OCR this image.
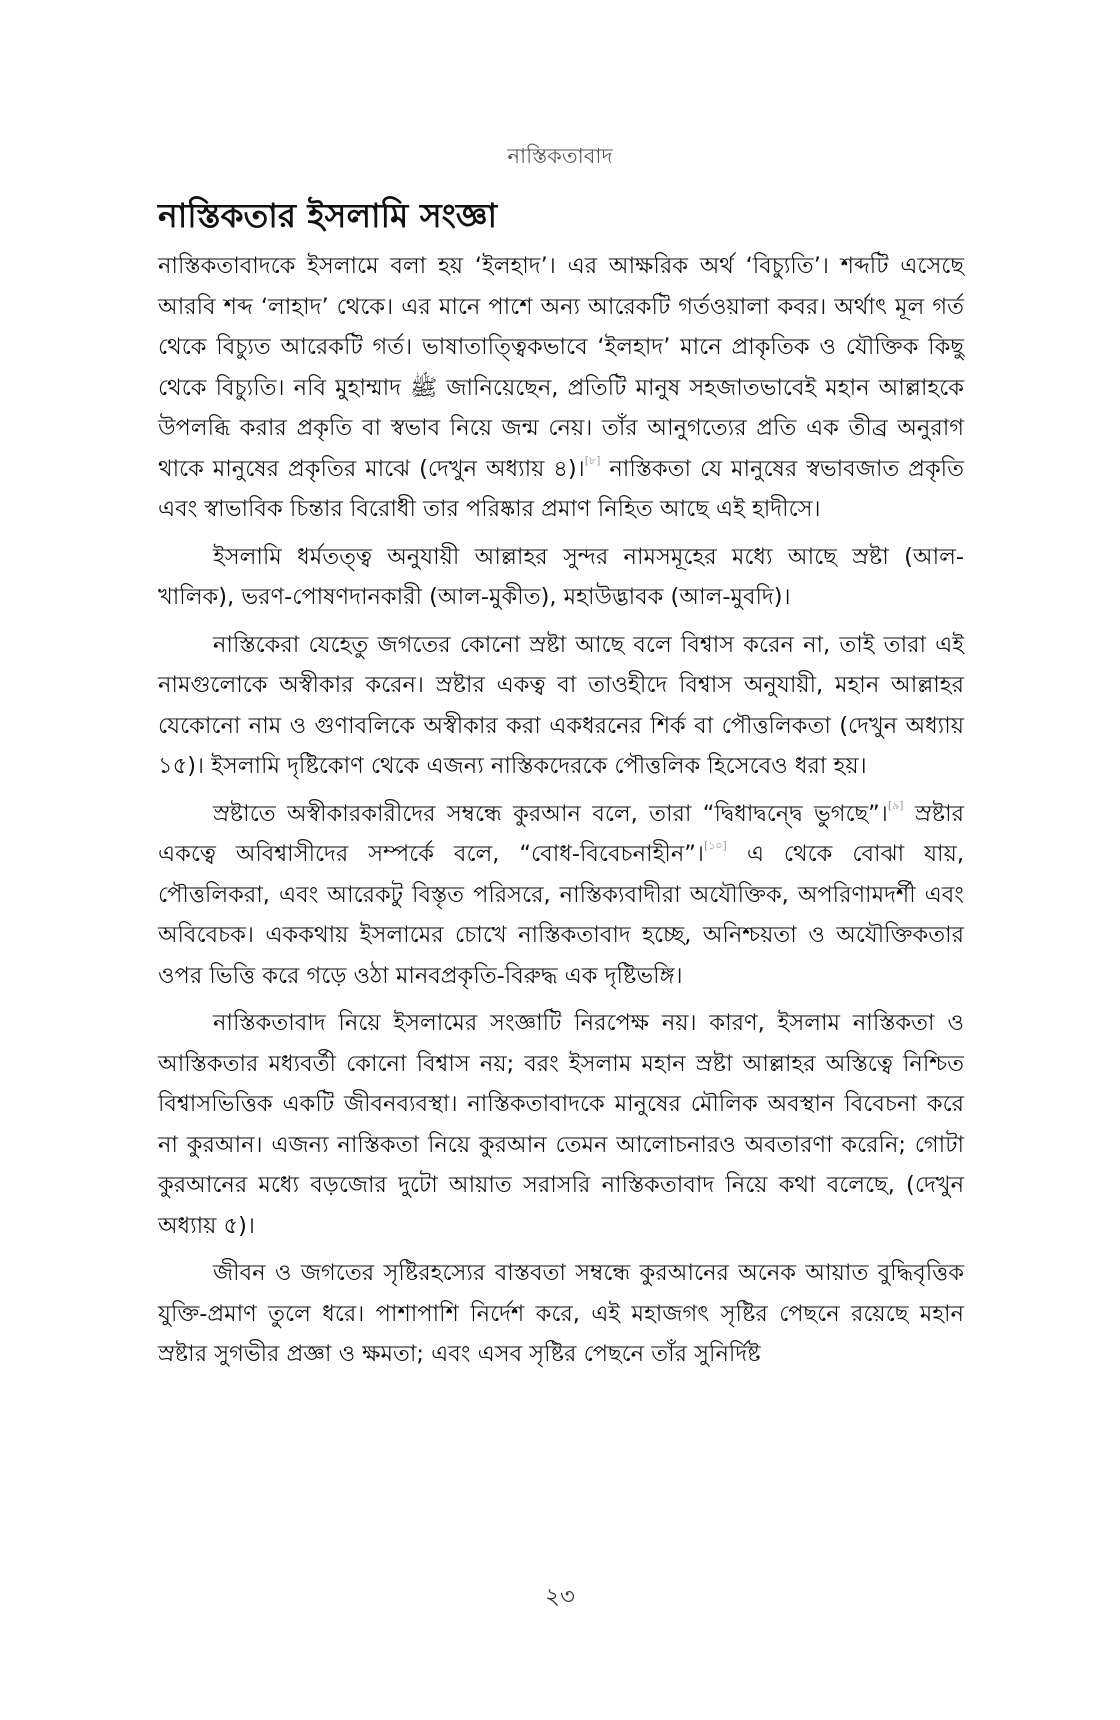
নাস্তিকতাবাদ
নাস্তিকতার ইসলামি সংজ্ঞা

নাস্তিকতাবাদকে ইসলামে বলা হয় ‘ইলহাদ’। এর আক্ষরিক অর্থ ‘বিচ্যুতি’। শব্দটি এসেছে আরবি শব্দ ‘লাহাদ’ থেকে। এর মানে পাশে অন্য আরেকটি গর্তওয়ালা কবর। অর্থাৎ মূল গর্ত থেকে বিচ্যুত আরেকটি গর্ত। ভাষাতাত্ত্বিকভাবে ‘ইলহাদ’ মানে প্রাকৃতিক ও যৌক্তিক কিছু থেকে বিচ্যুতি। নবি মুহাম্মাদ ﷺ জানিয়েছেন, প্রতিটি মানুষ সহজাতভাবেই মহান আল্লাহকে উপলব্ধি করার প্রকৃতি বা স্বভাব নিয়ে জন্ম নেয়। তাঁর আনুগত্যের প্রতি এক তীব্র অনুরাগ থাকে মানুষের প্রকৃতির মাঝে (দেখুন অধ্যায় ৪)।[৮] নাস্তিকতা যে মানুষের স্বভাবজাত প্রকৃতি এবং স্বাভাবিক চিন্তার বিরোধী তার পরিষ্কার প্রমাণ নিহিত আছে এই হাদীসে।

ইসলামি ধর্মতত্ত্ব অনুযায়ী আল্লাহর সুন্দর নামসমূহের মধ্যে আছে স্রষ্টা (আল-খালিক), ভরণ-পোষণদানকারী (আল-মুকীত), মহাউদ্ভাবক (আল-মুবদি)।

নাস্তিকেরা যেহেতু জগতের কোনো স্রষ্টা আছে বলে বিশ্বাস করেন না, তাই তারা এই নামগুলোকে অস্বীকার করেন। স্রষ্টার একত্ব বা তাওহীদে বিশ্বাস অনুযায়ী, মহান আল্লাহর যেকোনো নাম ও গুণাবলিকে অস্বীকার করা একধরনের শির্ক বা পৌত্তলিকতা (দেখুন অধ্যায় ১৫)। ইসলামি দৃষ্টিকোণ থেকে এজন্য নাস্তিকদেরকে পৌত্তলিক হিসেবেও ধরা হয়।

স্রষ্টাতে অস্বীকারকারীদের সম্বন্ধে কুরআন বলে, তারা “দ্বিধাদ্বন্দ্বে ভুগছে”।[৯] স্রষ্টার একত্বে অবিশ্বাসীদের সম্পর্কে বলে, “বোধ-বিবেচনাহীন”।[১০] এ থেকে বোঝা যায়, পৌত্তলিকরা, এবং আরেকটু বিস্তৃত পরিসরে, নাস্তিক্যবাদীরা অযৌক্তিক, অপরিণামদর্শী এবং অবিবেচক। এককথায় ইসলামের চোখে নাস্তিকতাবাদ হচ্ছে, অনিশ্চয়তা ও অযৌক্তিকতার ওপর ভিত্তি করে গড়ে ওঠা মানবপ্রকৃতি-বিরুদ্ধ এক দৃষ্টিভঙ্গি।

নাস্তিকতাবাদ নিয়ে ইসলামের সংজ্ঞাটি নিরপেক্ষ নয়। কারণ, ইসলাম নাস্তিকতা ও আস্তিকতার মধ্যবর্তী কোনো বিশ্বাস নয়; বরং ইসলাম মহান স্রষ্টা আল্লাহর অস্তিত্বে নিশ্চিত বিশ্বাসভিত্তিক একটি জীবনব্যবস্থা। নাস্তিকতাবাদকে মানুষের মৌলিক অবস্থান বিবেচনা করে না কুরআন। এজন্য নাস্তিকতা নিয়ে কুরআন তেমন আলোচনারও অবতারণা করেনি; গোটা কুরআনের মধ্যে বড়জোর দুটো আয়াত সরাসরি নাস্তিকতাবাদ নিয়ে কথা বলেছে, (দেখুন অধ্যায় ৫)।

জীবন ও জগতের সৃষ্টিরহস্যের বাস্তবতা সম্বন্ধে কুরআনের অনেক আয়াত বুদ্ধিবৃত্তিক যুক্তি-প্রমাণ তুলে ধরে। পাশাপাশি নির্দেশ করে, এই মহাজগৎ সৃষ্টির পেছনে রয়েছে মহান স্রষ্টার সুগভীর প্রজ্ঞা ও ক্ষমতা; এবং এসব সৃষ্টির পেছনে তাঁর সুনির্দিষ্ট

২৩
